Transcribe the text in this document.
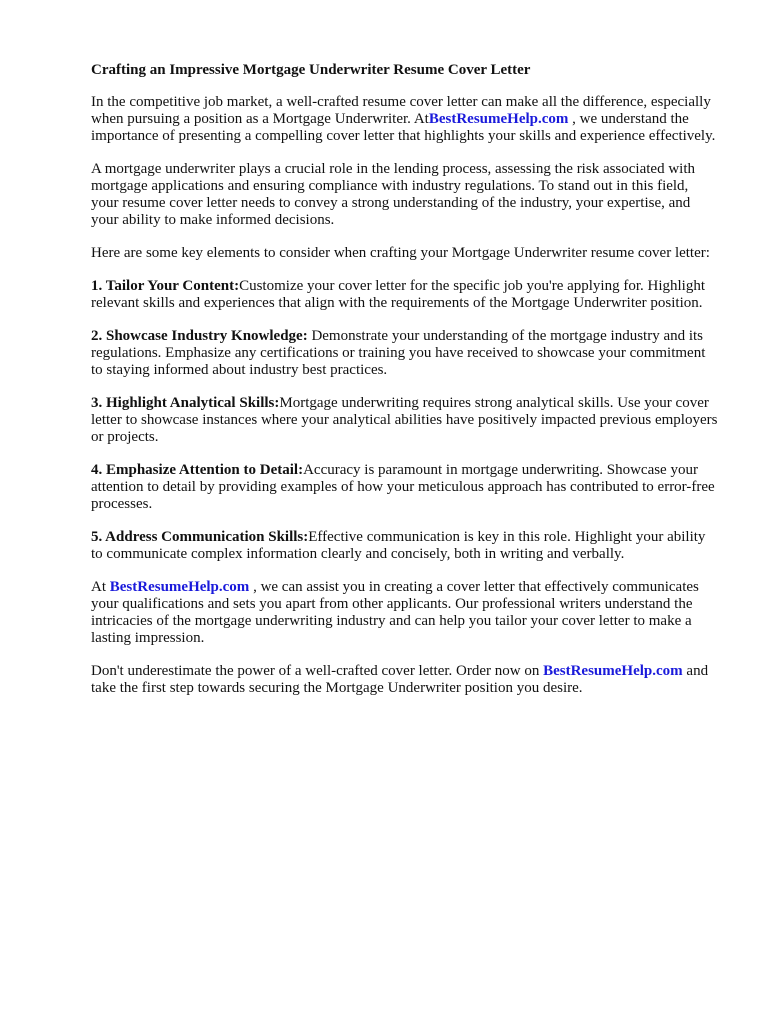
Crafting an Impressive Mortgage Underwriter Resume Cover Letter

In the competitive job market, a well-crafted resume cover letter can make all the difference, especially when pursuing a position as a Mortgage Underwriter. AtBestResumeHelp.com , we understand the importance of presenting a compelling cover letter that highlights your skills and experience effectively.

A mortgage underwriter plays a crucial role in the lending process, assessing the risk associated with mortgage applications and ensuring compliance with industry regulations. To stand out in this field, your resume cover letter needs to convey a strong understanding of the industry, your expertise, and your ability to make informed decisions.

Here are some key elements to consider when crafting your Mortgage Underwriter resume cover letter:

1. Tailor Your Content:Customize your cover letter for the specific job you're applying for. Highlight relevant skills and experiences that align with the requirements of the Mortgage Underwriter position.

2. Showcase Industry Knowledge: Demonstrate your understanding of the mortgage industry and its regulations. Emphasize any certifications or training you have received to showcase your commitment to staying informed about industry best practices.

3. Highlight Analytical Skills:Mortgage underwriting requires strong analytical skills. Use your cover letter to showcase instances where your analytical abilities have positively impacted previous employers or projects.

4. Emphasize Attention to Detail:Accuracy is paramount in mortgage underwriting. Showcase your attention to detail by providing examples of how your meticulous approach has contributed to error-free processes.

5. Address Communication Skills:Effective communication is key in this role. Highlight your ability to communicate complex information clearly and concisely, both in writing and verbally.

At BestResumeHelp.com , we can assist you in creating a cover letter that effectively communicates your qualifications and sets you apart from other applicants. Our professional writers understand the intricacies of the mortgage underwriting industry and can help you tailor your cover letter to make a lasting impression.

Don't underestimate the power of a well-crafted cover letter. Order now on BestResumeHelp.com and take the first step towards securing the Mortgage Underwriter position you desire.
